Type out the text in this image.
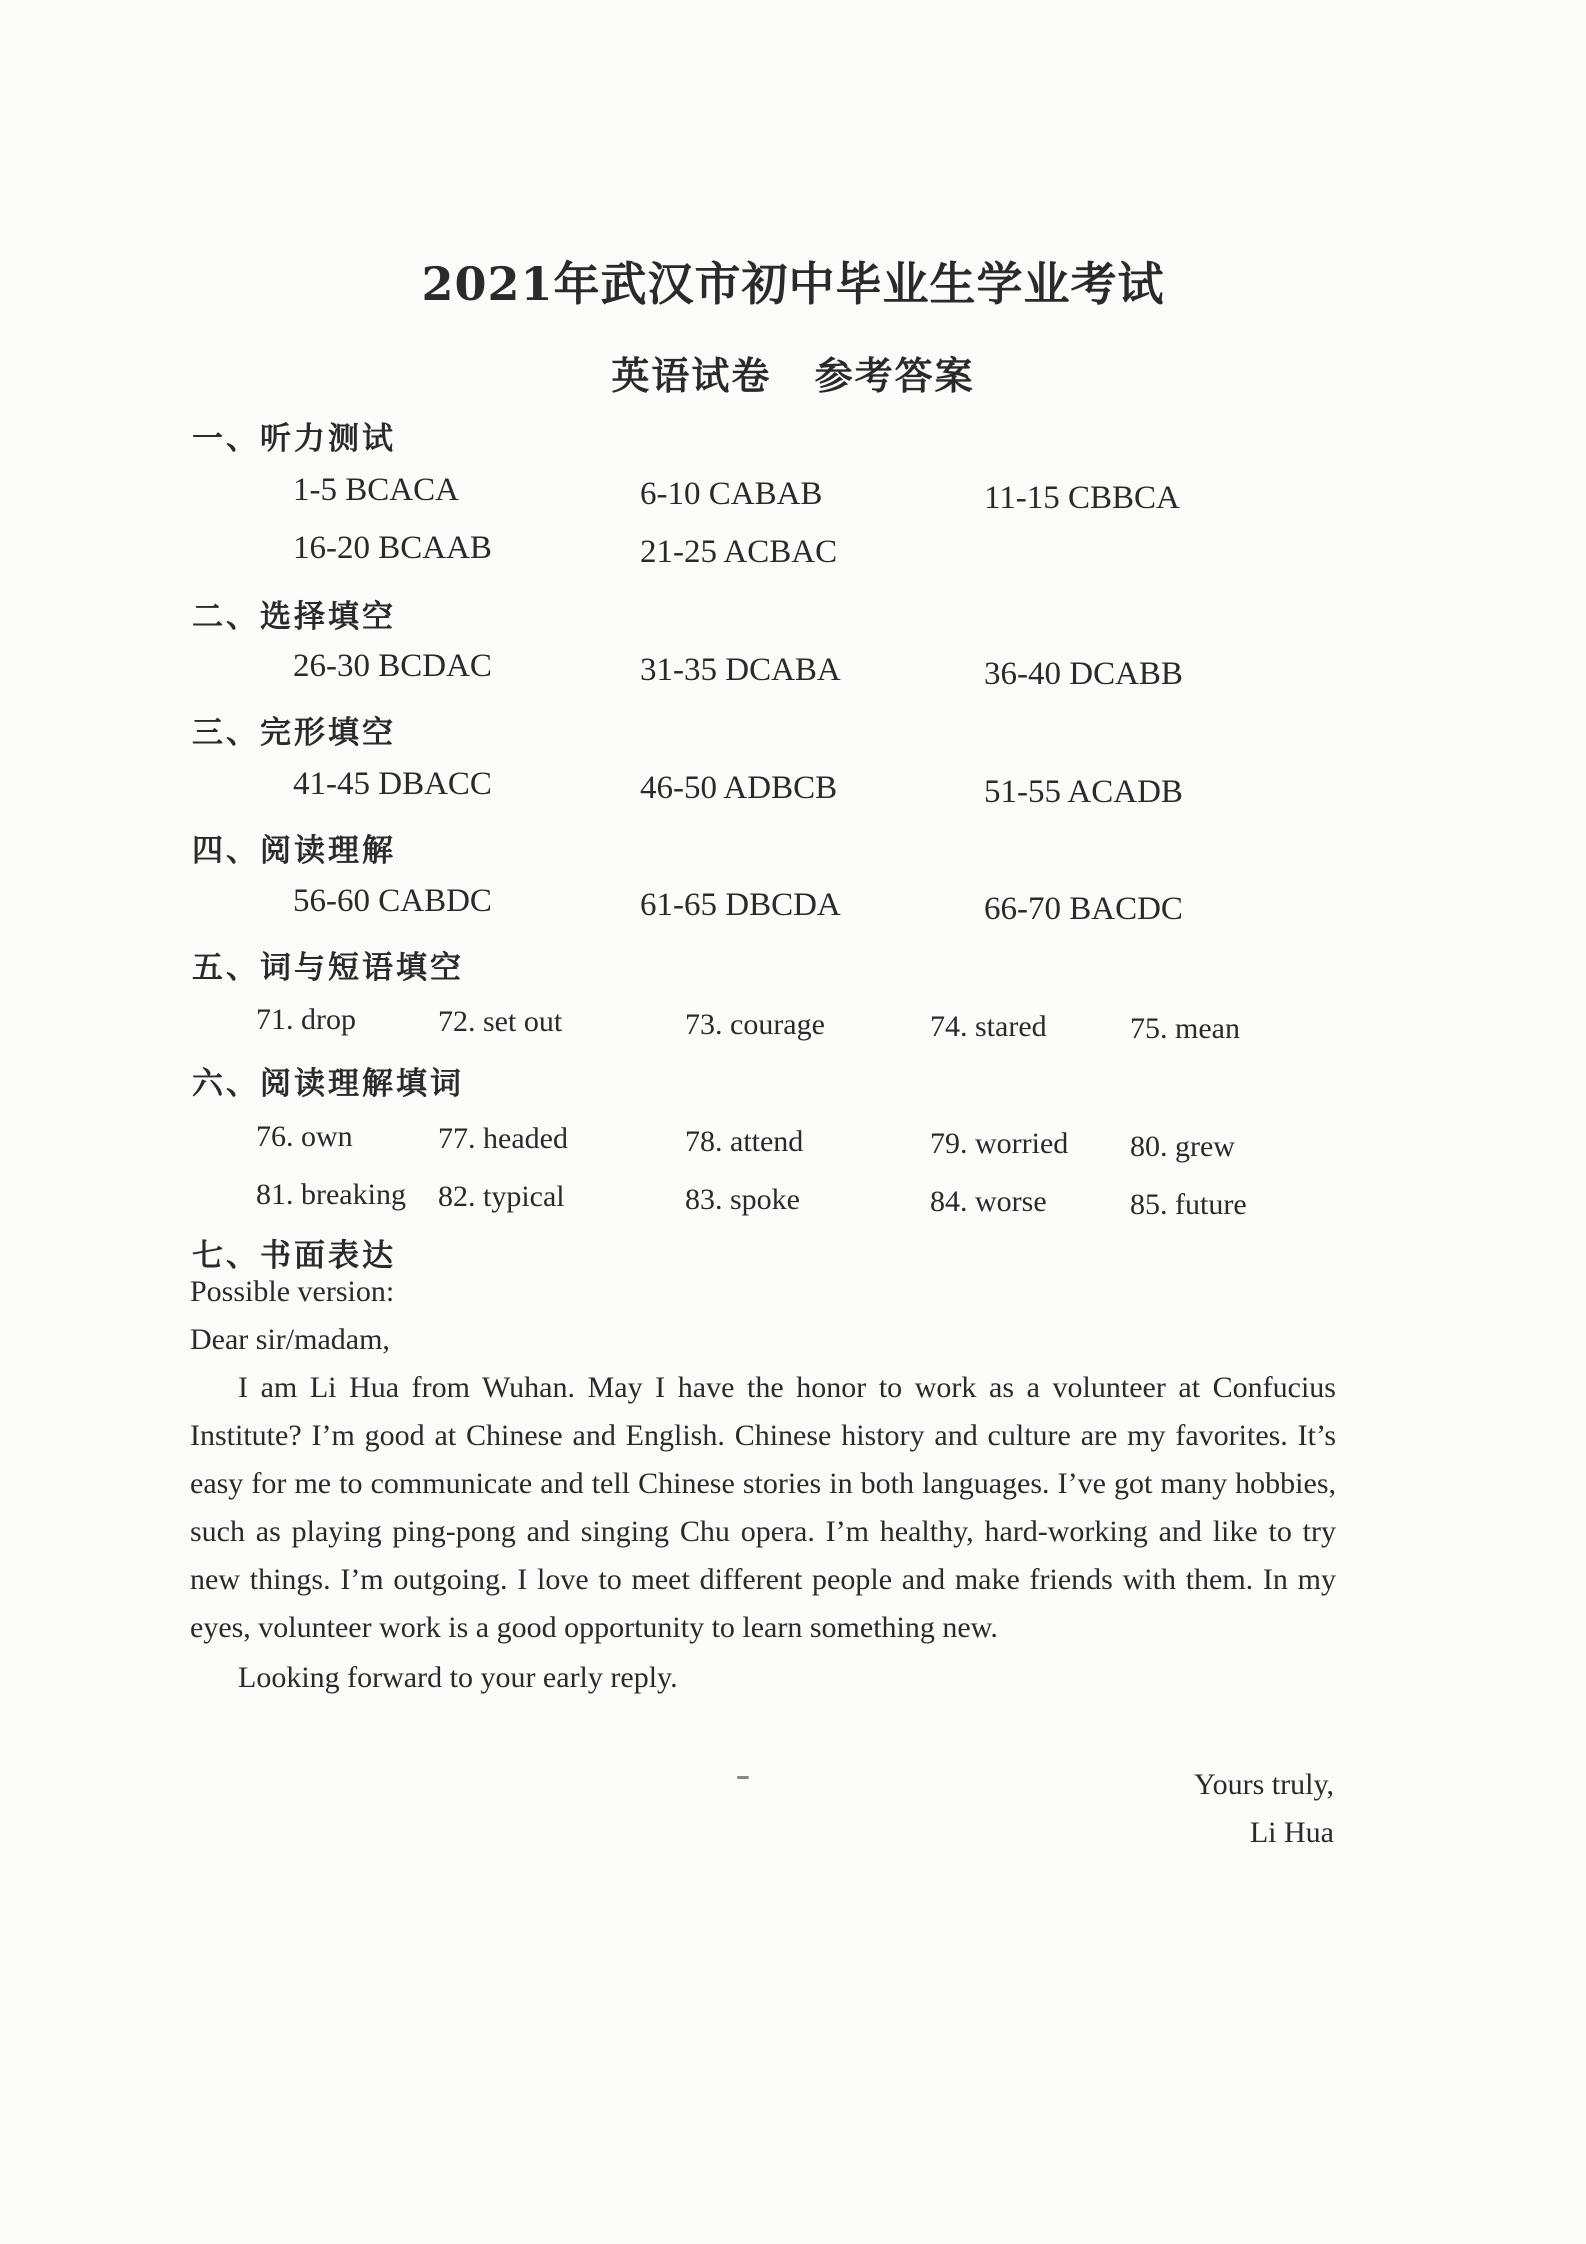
2021年武汉市初中毕业生学业考试
英语试卷 参考答案
一、听力测试
1-5 BCACA	6-10 CABAB	11-15 CBBCA
16-20 BCAAB	21-25 ACBAC
二、选择填空
26-30 BCDAC	31-35 DCABA	36-40 DCABB
三、完形填空
41-45 DBACC	46-50 ADBCB	51-55 ACADB
四、阅读理解
56-60 CABDC	61-65 DBCDA	66-70 BACDC
五、词与短语填空
71. drop	72. set out	73. courage	74. stared	75. mean
六、阅读理解填词
76. own	77. headed	78. attend	79. worried 80. grew
81. breaking 82. typical	83. spoke	84. worse	85. future
七、书面表达

Possible version:

Dear sir/madam,

I am Li Hua from Wuhan. May I have the honor to work as a volunteer at Confucius Institute? I’m good at Chinese and English. Chinese history and culture are my favorites. It’s easy for me to communicate and tell Chinese stories in both languages. I’ve got many hobbies, such as playing ping-pong and singing Chu opera. I’m healthy, hard-working and like to try new things. I’m outgoing. I love to meet different people and make friends with them. In my eyes, volunteer work is a good opportunity to learn something new.

Looking forward to your early reply.

Yours truly,
Li Hua
